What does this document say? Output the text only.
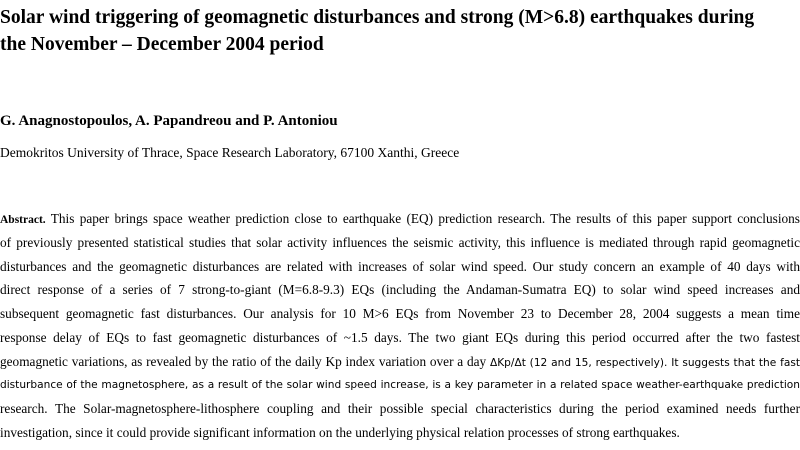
Solar wind triggering of geomagnetic disturbances and strong (M>6.8) earthquakes during
the November – December 2004 period

G. Anagnostopoulos, A. Papandreou and P. Antoniou

Demokritos University of Thrace, Space Research Laboratory, 67100 Xanthi, Greece

Abstract. This paper brings space weather prediction close to earthquake (EQ) prediction research. The results of this paper support conclusions
of previously presented statistical studies that solar activity influences the seismic activity, this influence is mediated through rapid geomagnetic
disturbances and the geomagnetic disturbances are related with increases of solar wind speed. Our study concern an example of 40 days with
direct response of a series of 7 strong-to-giant (M=6.8-9.3) EQs (including the Andaman-Sumatra EQ) to solar wind speed increases and
subsequent geomagnetic fast disturbances. Our analysis for 10 M>6 EQs from November 23 to December 28, 2004 suggests a mean time
response delay of EQs to fast geomagnetic disturbances of ~1.5 days. The two giant EQs during this period occurred after the two fastest
geomagnetic variations, as revealed by the ratio of the daily Kp index variation over a day ΔKp/Δt (12 and 15, respectively). It suggests that the fast
disturbance of the magnetosphere, as a result of the solar wind speed increase, is a key parameter in a related space weather-earthquake prediction
research. The Solar-magnetosphere-lithosphere coupling and their possible special characteristics during the period examined needs further
investigation, since it could provide significant information on the underlying physical relation processes of strong earthquakes.
